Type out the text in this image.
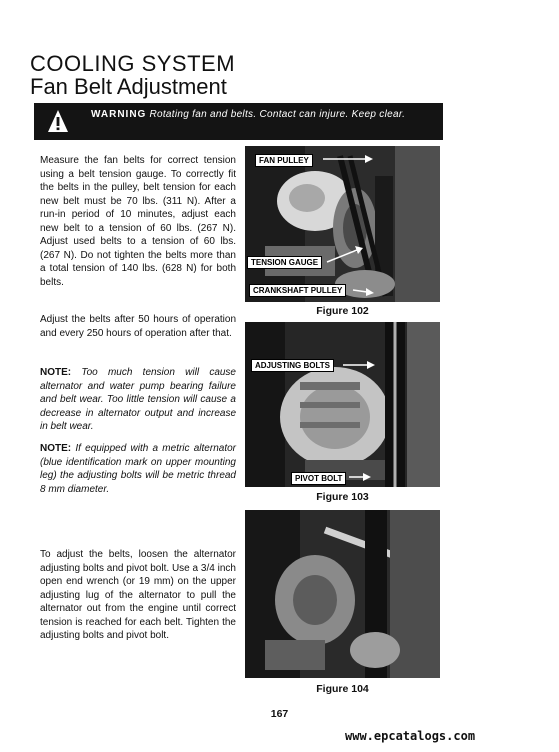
COOLING SYSTEM
Fan Belt Adjustment
WARNING Rotating fan and belts. Contact can injure. Keep clear.
Measure the fan belts for correct tension using a belt tension gauge. To correctly fit the belts in the pulley, belt tension for each new belt must be 70 lbs. (311 N). After a run-in period of 10 minutes, adjust each new belt to a tension of 60 lbs. (267 N). Adjust used belts to a tension of 60 lbs. (267 N). Do not tighten the belts more than a total tension of 140 lbs. (628 N) for both belts.
Adjust the belts after 50 hours of operation and every 250 hours of operation after that.
NOTE: Too much tension will cause alternator and water pump bearing failure and belt wear. Too little tension will cause a decrease in alternator output and increase in belt wear.
NOTE: If equipped with a metric alternator (blue identification mark on upper mounting leg) the adjusting bolts will be metric thread 8 mm diameter.
To adjust the belts, loosen the alternator adjusting bolts and pivot bolt. Use a 3/4 inch open end wrench (or 19 mm) on the upper adjusting lug of the alternator to pull the alternator out from the engine until correct tension is reached for each belt. Tighten the adjusting bolts and pivot bolt.
FAN PULLEY
TENSION GAUGE
CRANKSHAFT PULLEY
Figure 102
ADJUSTING BOLTS
PIVOT BOLT
Figure 103
Figure 104
167
www.epcatalogs.com
